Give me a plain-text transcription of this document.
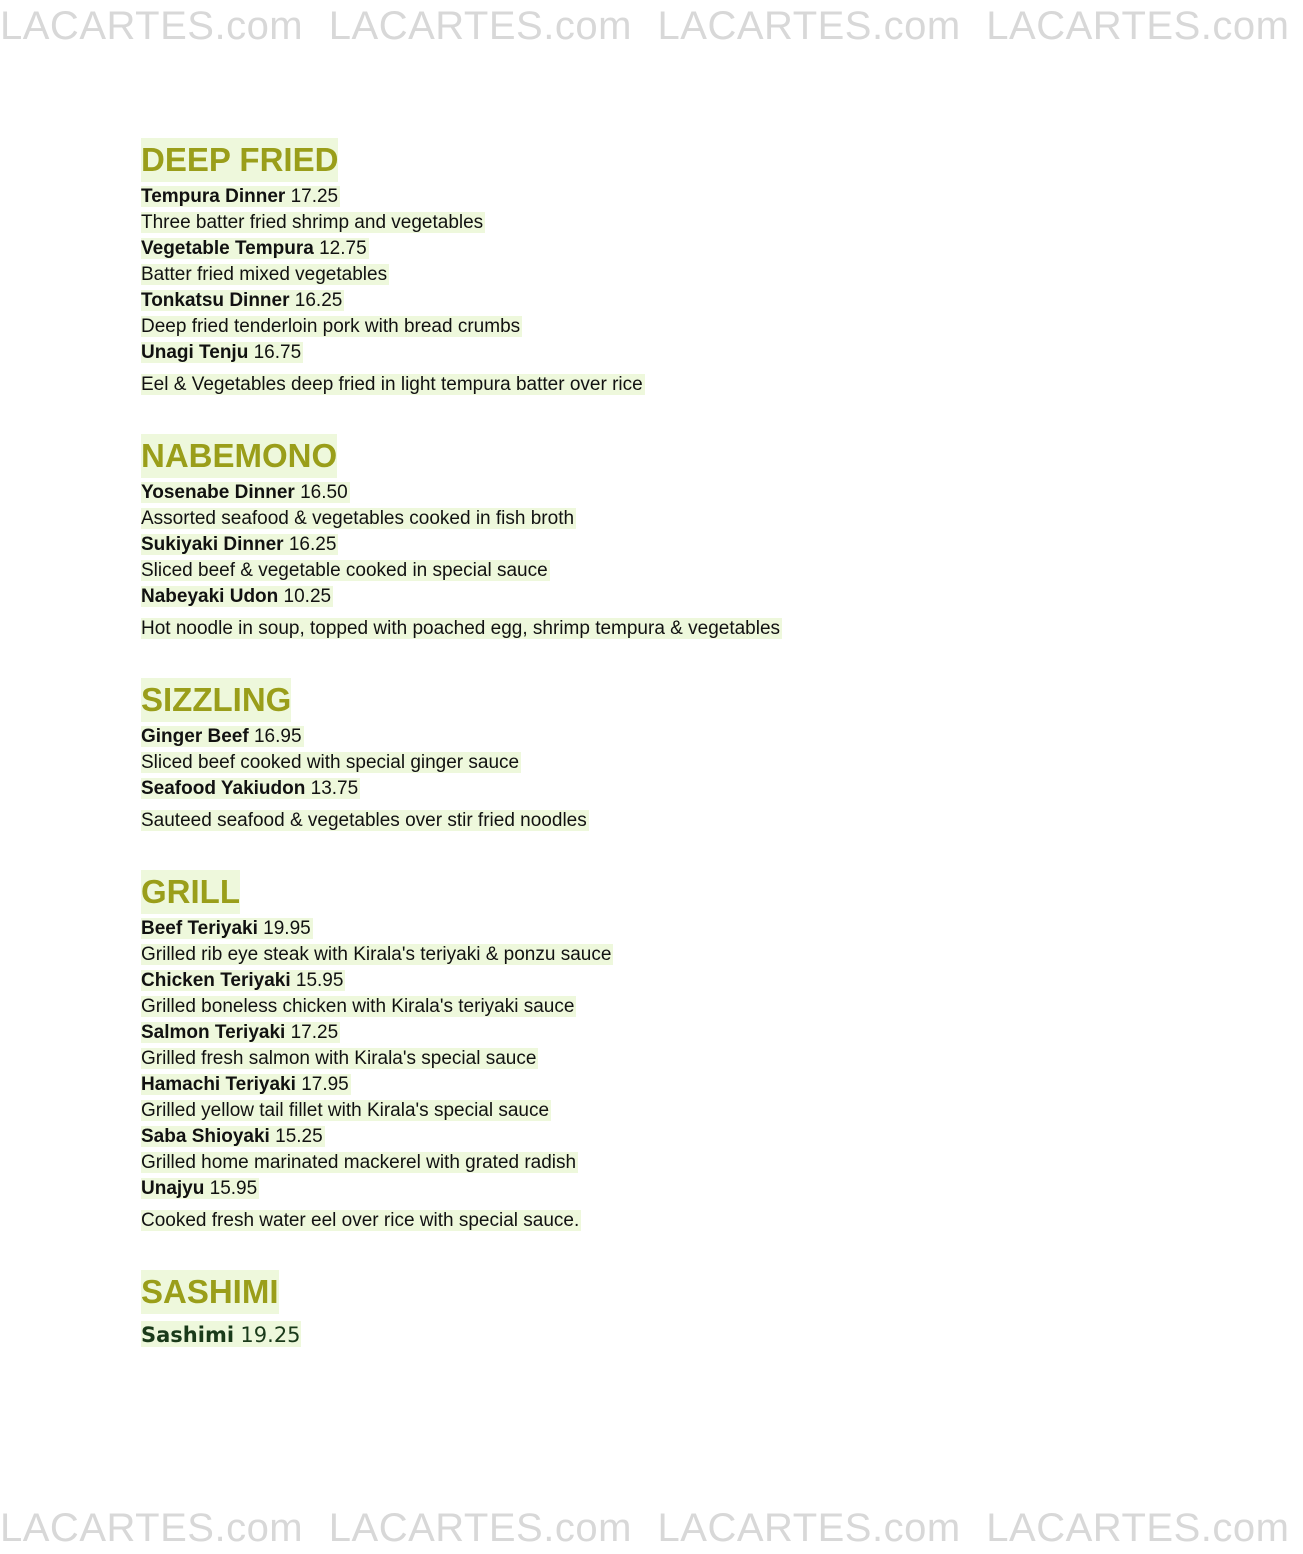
LACARTES.com LACARTES.com LACARTES.com LACARTES.com
DEEP FRIED
Tempura Dinner 17.25
Three batter fried shrimp and vegetables
Vegetable Tempura 12.75
Batter fried mixed vegetables
Tonkatsu Dinner 16.25
Deep fried tenderloin pork with bread crumbs
Unagi Tenju 16.75
Eel & Vegetables deep fried in light tempura batter over rice
NABEMONO
Yosenabe Dinner 16.50
Assorted seafood & vegetables cooked in fish broth
Sukiyaki Dinner 16.25
Sliced beef & vegetable cooked in special sauce
Nabeyaki Udon 10.25
Hot noodle in soup, topped with poached egg, shrimp tempura & vegetables
SIZZLING
Ginger Beef 16.95
Sliced beef cooked with special ginger sauce
Seafood Yakiudon 13.75
Sauteed seafood & vegetables over stir fried noodles
GRILL
Beef Teriyaki 19.95
Grilled rib eye steak with Kirala's teriyaki & ponzu sauce
Chicken Teriyaki 15.95
Grilled boneless chicken with Kirala's teriyaki sauce
Salmon Teriyaki 17.25
Grilled fresh salmon with Kirala's special sauce
Hamachi Teriyaki 17.95
Grilled yellow tail fillet with Kirala's special sauce
Saba Shioyaki 15.25
Grilled home marinated mackerel with grated radish
Unajyu 15.95
Cooked fresh water eel over rice with special sauce.
SASHIMI
Sashimi 19.25
LACARTES.com LACARTES.com LACARTES.com LACARTES.com
